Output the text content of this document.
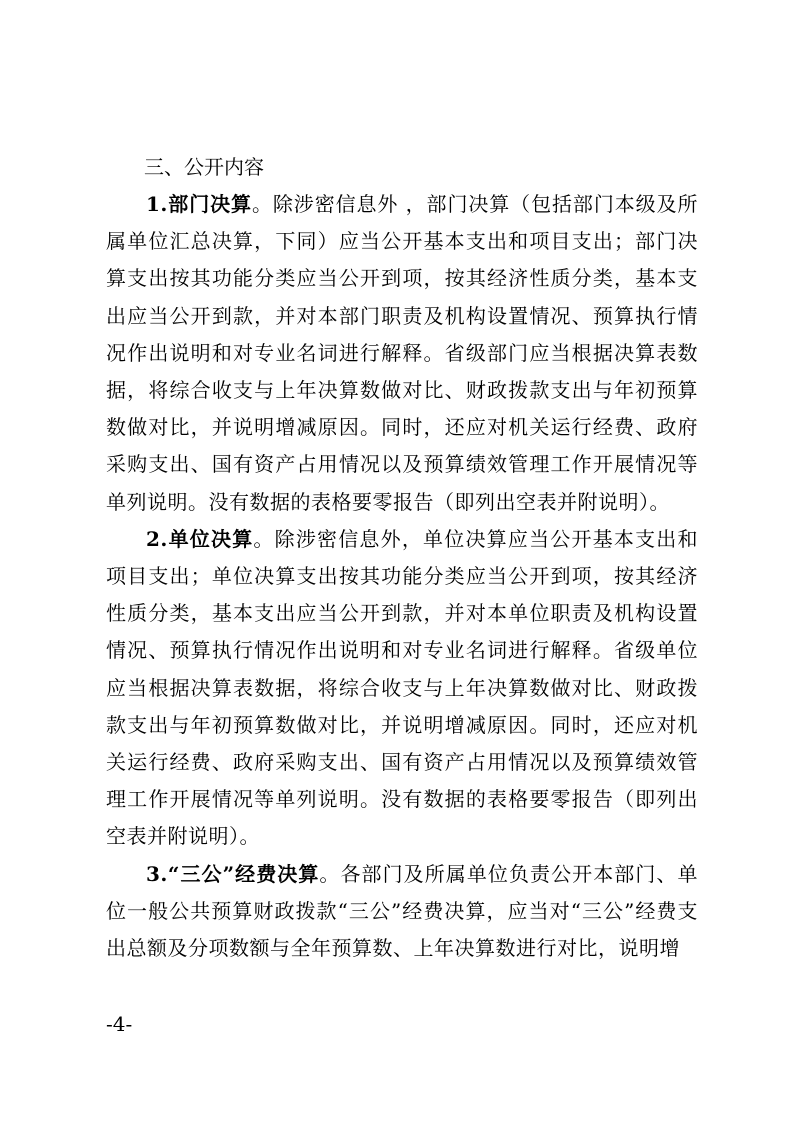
三、公开内容

1.部门决算。除涉密信息外 ，部门决算（包括部门本级及所属单位汇总决算，下同）应当公开基本支出和项目支出；部门决算支出按其功能分类应当公开到项，按其经济性质分类，基本支出应当公开到款，并对本部门职责及机构设置情况、预算执行情况作出说明和对专业名词进行解释。省级部门应当根据决算表数据，将综合收支与上年决算数做对比、财政拨款支出与年初预算数做对比，并说明增减原因。同时，还应对机关运行经费、政府采购支出、国有资产占用情况以及预算绩效管理工作开展情况等单列说明。没有数据的表格要零报告（即列出空表并附说明）。

2.单位决算。除涉密信息外，单位决算应当公开基本支出和项目支出；单位决算支出按其功能分类应当公开到项，按其经济性质分类，基本支出应当公开到款，并对本单位职责及机构设置情况、预算执行情况作出说明和对专业名词进行解释。省级单位应当根据决算表数据，将综合收支与上年决算数做对比、财政拨款支出与年初预算数做对比，并说明增减原因。同时，还应对机关运行经费、政府采购支出、国有资产占用情况以及预算绩效管理工作开展情况等单列说明。没有数据的表格要零报告（即列出空表并附说明）。

3.“三公”经费决算。各部门及所属单位负责公开本部门、单位一般公共预算财政拨款“三公”经费决算，应当对“三公”经费支出总额及分项数额与全年预算数、上年决算数进行对比，说明增

-4-
